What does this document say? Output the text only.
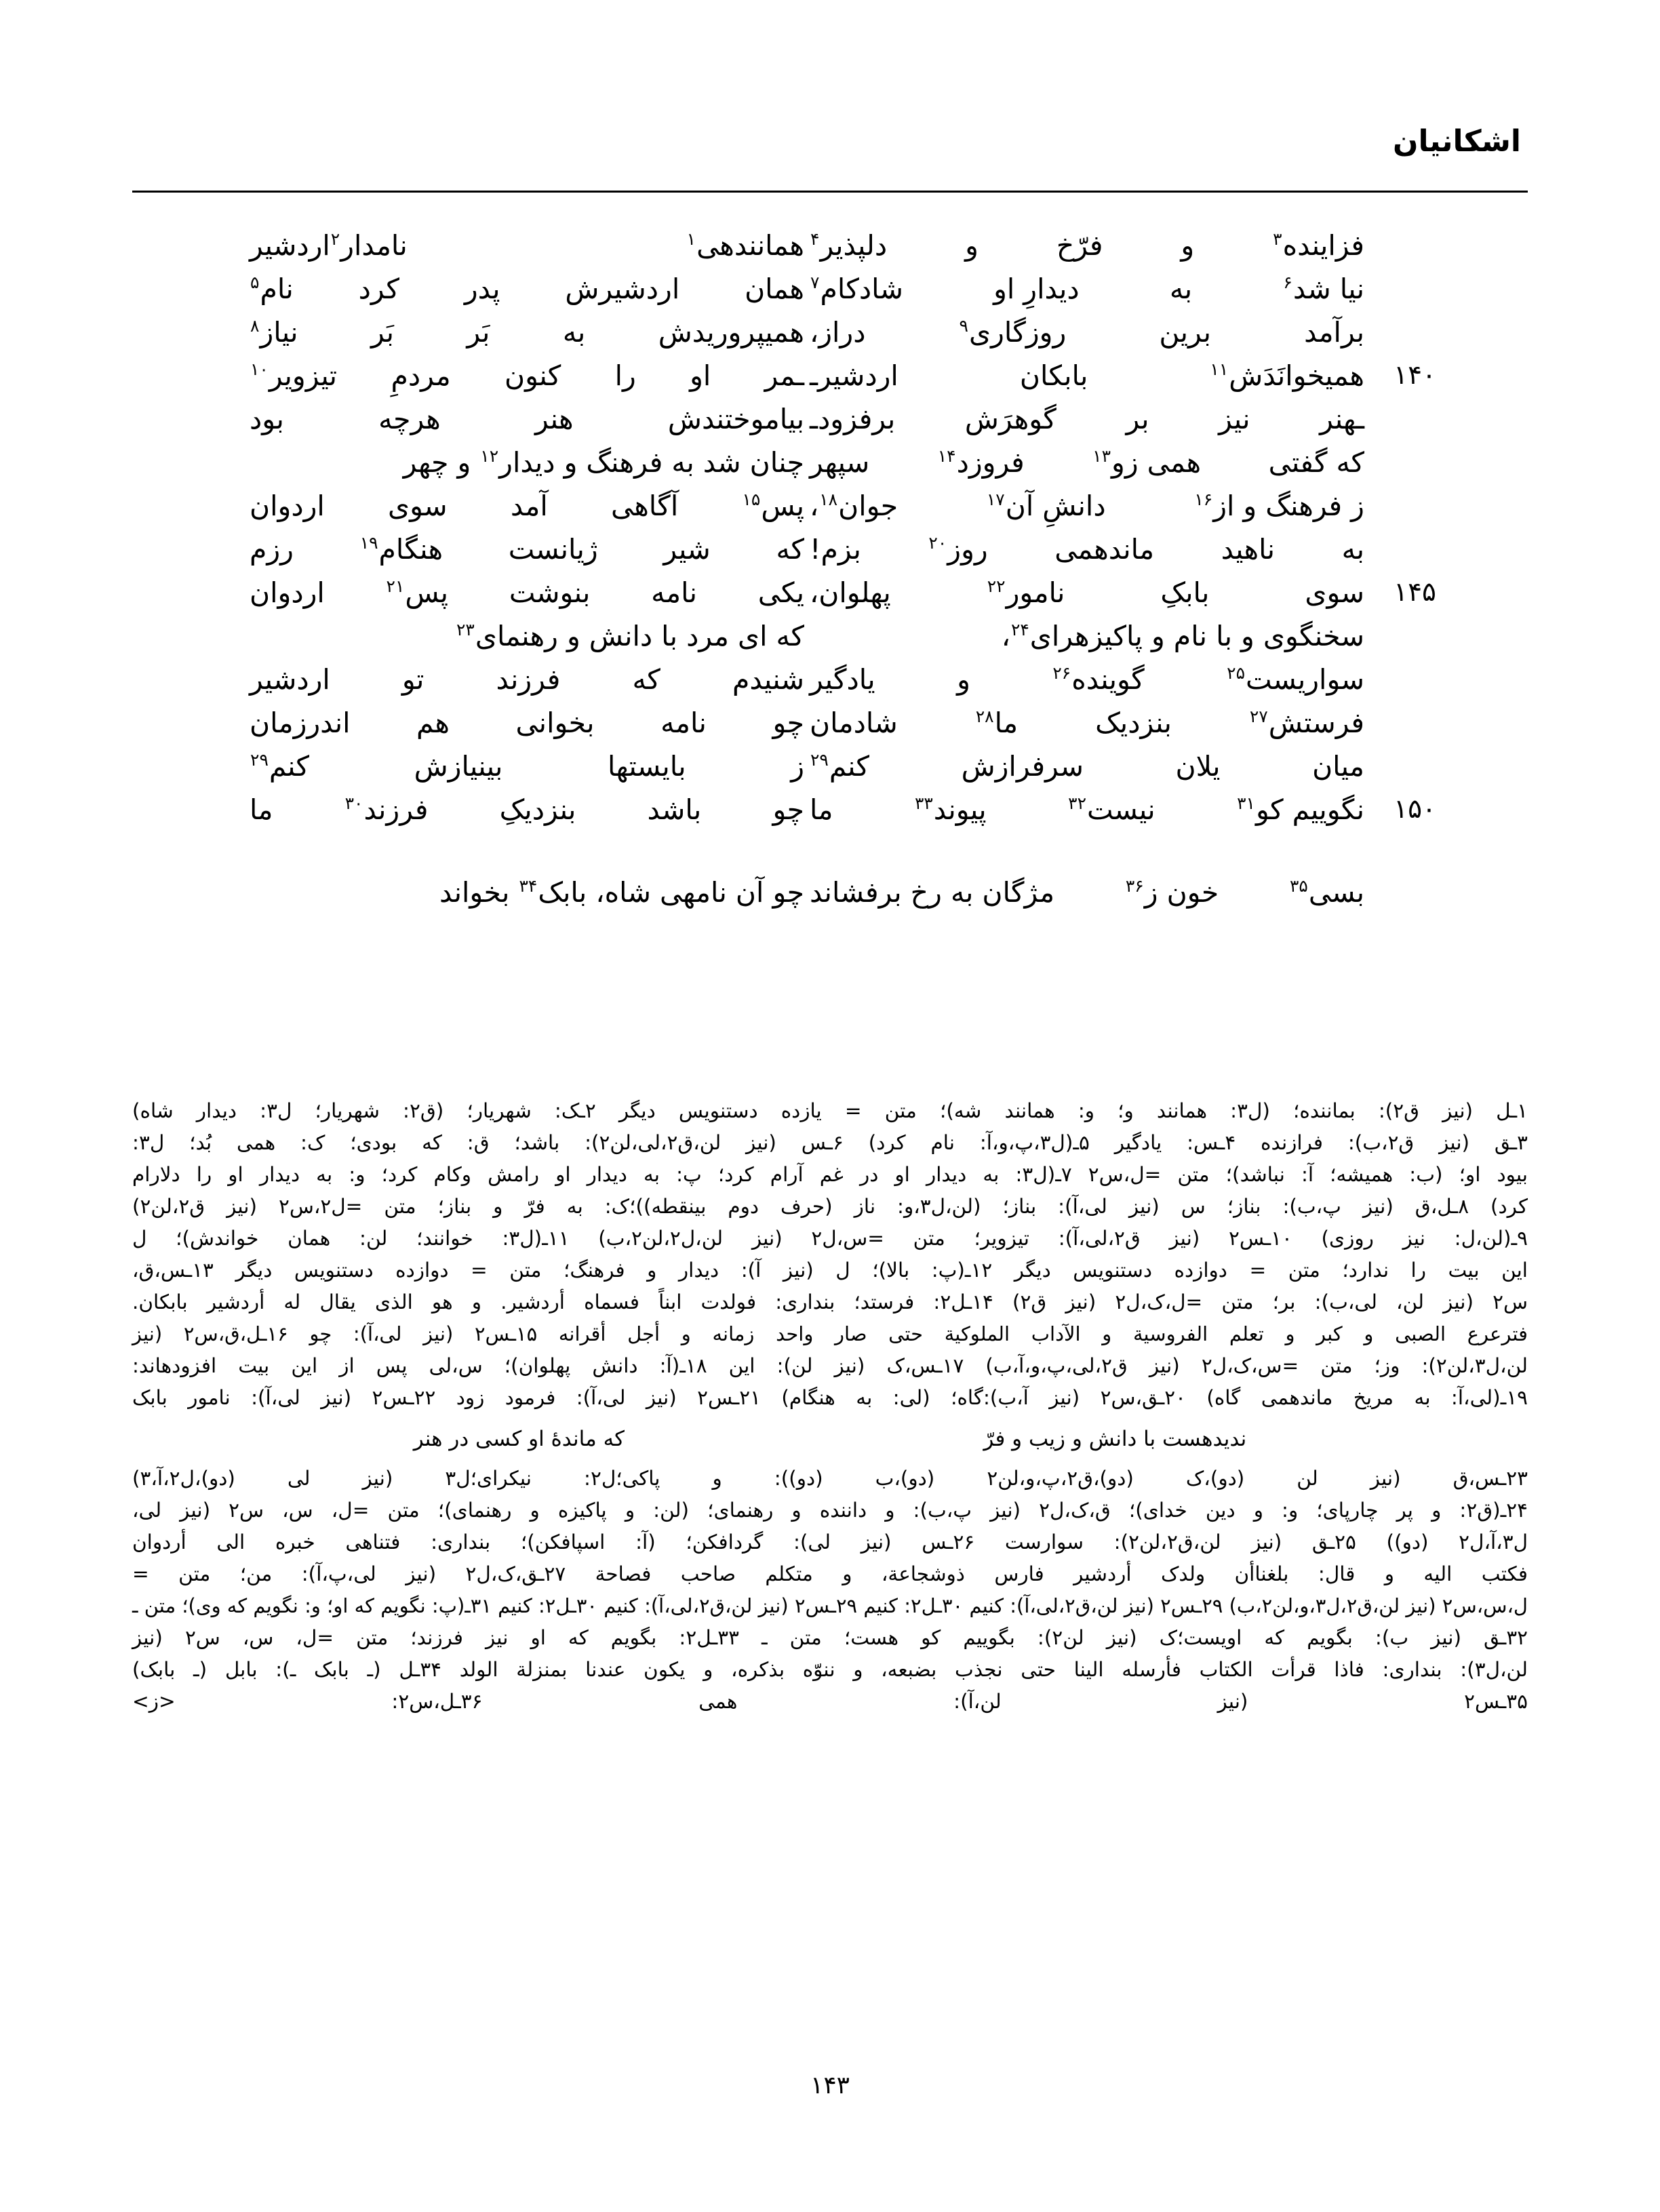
اشکانیان
فزاینده$^۳$
و
فرّخ
و
دلپذیر$^۴$
همانندهی$^۱$
نامدار$^۲$اردشیر
نیا شد$^۶$
به
دیدارِ او
شادکام$^۷$
همان
اردشیرش
پدر
کرد
نام$^۵$
برآمد
برین
روزگاری$^۹$
دراز،
همیپروریدش
به
بَر
بَر
نیاز$^۸$
۱۴۰
همیخوانَدَش$^{۱۱}$
بابکان
اردشیرـ
ـمر
او
را
کنون
مردمِ
تیزویر$^{۱۰}$
ـهنر
نیز
بر
گوهرَش
برفزودـ
بیاموختندش
هنر
هرچه
بود
که گفتی
همی زو$^{۱۳}$
فروزد$^{۱۴}$
سپهر
چنان شد به فرهنگ و دیدار$^{۱۲}$ و چهر
ز فرهنگ و از$^{۱۶}$
دانشِ آن$^{۱۷}$
جوان$^{۱۸}$،
پس$^{۱۵}$
آگاهی
آمد
سوی
اردوان
به
ناهید
ماندهمی
روز$^{۲۰}$
بزم!
که
شیر
ژیانست
هنگام$^{۱۹}$
رزم
۱۴۵
سوی
بابکِ
نامور$^{۲۲}$
پهلوان،
یکی
نامه
بنوشت
پس$^{۲۱}$
اردوان
سخنگوی و با نام و پاکیزهرای$^{۲۴}$،
که ای مرد با دانش و رهنمای$^{۲۳}$
سواریست$^{۲۵}$
گوینده$^{۲۶}$
و
یادگیر
شنیدم
که
فرزند
تو
اردشیر
فرستش$^{۲۷}$
بنزدیک
ما$^{۲۸}$
شادمان
چو
نامه
بخوانی
هم
اندرزمان
میان
یلان
سرفرازش
کنم$^{۲۹}$
ز
بایستها
بینیازش
کنم$^{۲۹}$
۱۵۰
نگوییم کو$^{۳۱}$
نیست$^{۳۲}$
پیوند$^{۳۳}$
ما
چو
باشد
بنزدیکِ
فرزند$^{۳۰}$
ما
بسی$^{۳۵}$
خون ز$^{۳۶}$
مژگان به رخ برفشاند
چو آن نامهی شاه، بابک$^{۳۴}$ بخواند
۱ـل (نیز ق۲): بماننده؛ (ل۳: همانند و؛ و: همانند شه)؛ متن = یازده دستنویس دیگر ۲ـک: شهریار؛ (ق۲: شهریار؛ ل۳: دیدار شاه)
۳ـق (نیز ق۲،ب): فرازنده ۴ـس: یادگیر ۵ـ(ل۳،پ،و،آ: نام کرد) ۶ـس (نیز لن،ق۲،لی،لن۲): باشد؛ ق: که بودی؛ ک: همی بُد؛ ل۳:
بیود او؛ (ب: همیشه؛ آ: نباشد)؛ متن =ل،س۲ ۷ـ(ل۳: به دیدار او در غم آرام کرد؛ پ: به دیدار او رامش وکام کرد؛ و: به دیدار او را دلارام
کرد) ۸ـل،ق (نیز پ،ب): بناز؛ س (نیز لی،آ): بناز؛ (لن،ل۳،و: ناز (حرف دوم بینقطه))؛ک: به فرّ و بناز؛ متن =ل۲،س۲ (نیز ق۲،لن۲)
۹ـ(لن،ل: نیز روزی) ۱۰ـس۲ (نیز ق۲،لی،آ): تیزویر؛ متن =س،ل۲ (نیز لن،ل۲،لن۲،ب) ۱۱ـ(ل۳: خوانند؛ لن: همان خواندش)؛ ل
این بیت را ندارد؛ متن = دوازده دستنویس دیگر ۱۲ـ(پ: بالا)؛ ل (نیز آ): دیدار و فرهنگ؛ متن = دوازده دستنویس دیگر ۱۳ـس،ق،
س۲ (نیز لن، لی،ب): بر؛ متن =ل،ک،ل۲ (نیز ق۲) ۱۴ـل۲: فرستد؛ بنداری: فولدت ابناً فسماه أردشیر. و هو الذی یقال له أردشیر بابکان.
فترعرع الصبی و کبر و تعلم الفروسیة و الآداب الملوکیة حتی صار واحد زمانه و أجل أقرانه ۱۵ـس۲ (نیز لی،آ): چو ۱۶ـل،ق،س۲ (نیز
لن،ل۳،لن۲): وز؛ متن =س،ک،ل۲ (نیز ق۲،لی،پ،و،آ،ب) ۱۷ـس،ک (نیز لن): این ۱۸ـ(آ: دانش پهلوان)؛ س،لی پس از این بیت افزودهاند:
۱۹ـ(لی،آ: به مریخ ماندهمی گاه) ۲۰ـق،س۲ (نیز آ،ب):گاه؛ (لی: به هنگام) ۲۱ـس۲ (نیز لی،آ): فرمود زود ۲۲ـس۲ (نیز لی،آ): نامور بابک
ندیدهست با دانش و زیب و فرّ
که ماندهٔ او کسی در هنر
۲۳ـس،ق (نیز لن (دو)،ک (دو)،ق۲،پ،و،لن۲ (دو)،ب (دو)): و پاکی؛ل۲: نیکرای؛ل۳ (نیز لی (دو)،ل۲،آ،۳)
۲۴ـ(ق۲: و پر چارپای؛ و: و دین خدای)؛ ق،ک،ل۲ (نیز پ،ب): و داننده و رهنمای؛ (لن: و پاکیزه و رهنمای)؛ متن =ل، س، س۲ (نیز لی،
ل۳،آ،ل۲ (دو)) ۲۵ـق (نیز لن،ق۲،لن۲): سوارست ۲۶ـس (نیز لی): گردافکن؛ (آ: اسپافکن)؛ بنداری: فتناهی خبره الی أردوان
فکتب الیه و قال: بلغناأن ولدک أردشیر فارس ذوشجاعة، و متکلم صاحب فصاحة ۲۷ـق،ک،ل۲ (نیز لی،پ،آ): من؛ متن =
ل،س،س۲ (نیز لن،ق۲،ل۳،و،لن۲،ب) ۲۹ـس۲ (نیز لن،ق۲،لی،آ): کنیم ۳۰ـل۲: کنیم ۲۹ـس۲ (نیز لن،ق۲،لی،آ): کنیم ۳۰ـل۲: کنیم ۳۱ـ(پ: نگویم که او؛ و: نگویم که وی)؛ متن ـ
۳۲ـق (نیز ب): بگویم که اویست؛ک (نیز لن۲): بگوییم کو هست؛ متن ـ ۳۳ـل۲: بگویم که او نیز فرزند؛ متن =ل، س، س۲ (نیز
لن،ل۳): بنداری: فاذا قرأت الکتاب فأرسله الینا حتی نجذب بضبعه، و ننوّه بذکره، و یکون عندنا بمنزلة الولد ۳۴ـل (ـ بابک ـ): بابل (ـ بابک)
۳۵ـس۲ (نیز لن،آ): همی ۳۶ـل،س۲: <ز>
۱۴۳
